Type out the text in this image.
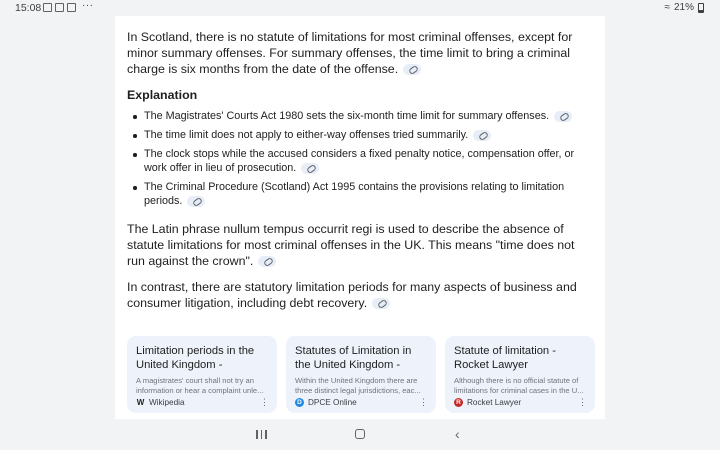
15:08	···	≈ 21%

In Scotland, there is no statute of limitations for most criminal offenses, except for minor summary offenses. For summary offenses, the time limit to bring a criminal charge is six months from the date of the offense.

Explanation
The Magistrates' Courts Act 1980 sets the six-month time limit for summary offenses.
The time limit does not apply to either-way offenses tried summarily.
The clock stops while the accused considers a fixed penalty notice, compensation offer, or work offer in lieu of prosecution.
The Criminal Procedure (Scotland) Act 1995 contains the provisions relating to limitation periods.

The Latin phrase nullum tempus occurrit regi is used to describe the absence of statute limitations for most criminal offenses in the UK. This means "time does not run against the crown".

In contrast, there are statutory limitation periods for many aspects of business and consumer litigation, including debt recovery.

Limitation periods in the United Kingdom -
A magistrates' court shall not try an information or hear a complaint unle...
W Wikipedia	⋮
Statutes of Limitation in the United Kingdom -
Within the United Kingdom there are three distinct legal jurisdictions, eac...
D DPCE Online	⋮
Statute of limitation - Rocket Lawyer
Although there is no official statute of limitations for criminal cases in the U...
R Rocket Lawyer	⋮
‹
